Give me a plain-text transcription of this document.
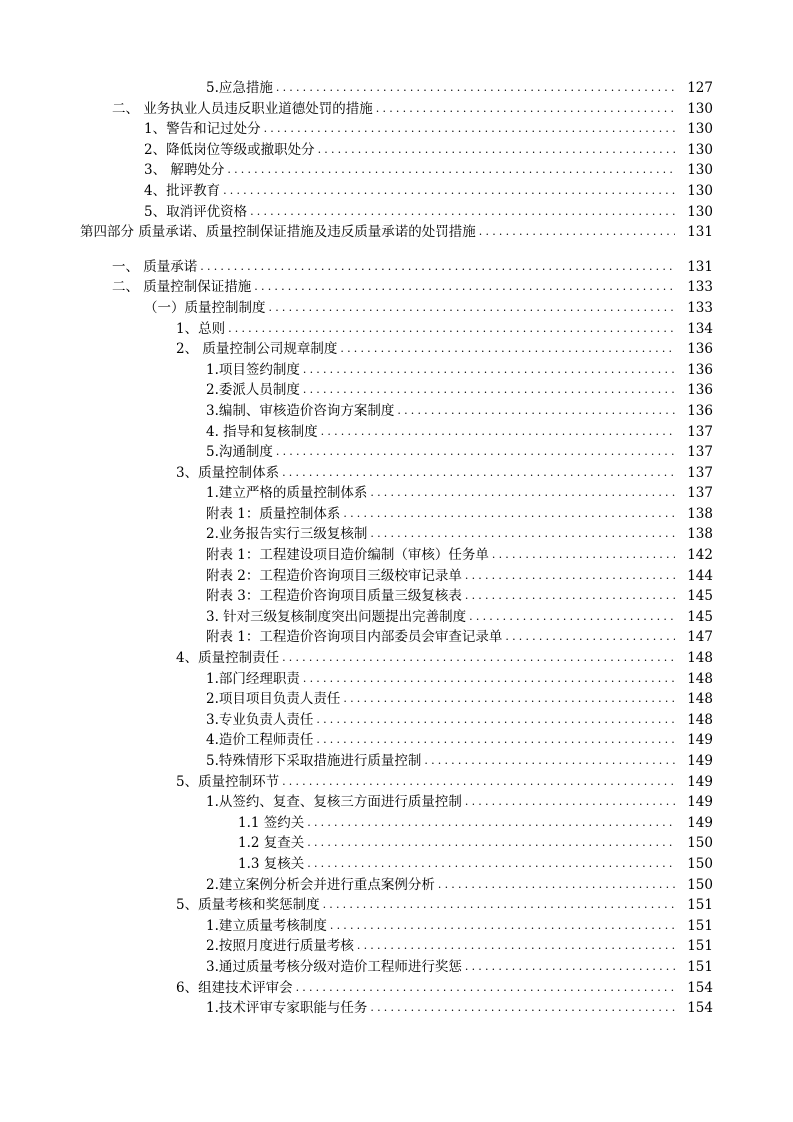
5.应急措施 .....	127
二、 业务执业人员违反职业道德处罚的措施 .....	130
1、警告和记过处分 .....	130
2、降低岗位等级或撤职处分 .....	130
3、 解聘处分 .....	130
4、批评教育 .....	130
5、取消评优资格 .....	130
第四部分 质量承诺、质量控制保证措施及违反质量承诺的处罚措施 .....	131
一、 质量承诺 .....	131
二、 质量控制保证措施 .....	133
（一）质量控制制度 .....	133
1、总则 .....	134
2、 质量控制公司规章制度 .....	136
1.项目签约制度 .....	136
2.委派人员制度 .....	136
3.编制、审核造价咨询方案制度 .....	136
4. 指导和复核制度 .....	137
5.沟通制度 .....	137
3、质量控制体系 .....	137
1.建立严格的质量控制体系 .....	137
附表 1：质量控制体系 .....	138
2.业务报告实行三级复核制 .....	138
附表 1：工程建设项目造价编制（审核）任务单 .....	142
附表 2：工程造价咨询项目三级校审记录单 .....	144
附表 3：工程造价咨询项目质量三级复核表 .....	145
3. 针对三级复核制度突出问题提出完善制度 .....	145
附表 1：工程造价咨询项目内部委员会审查记录单 .....	147
4、质量控制责任 .....	148
1.部门经理职责 .....	148
2.项目项目负责人责任 .....	148
3.专业负责人责任 .....	148
4.造价工程师责任 .....	149
5.特殊情形下采取措施进行质量控制 .....	149
5、质量控制环节 .....	149
1.从签约、复查、复核三方面进行质量控制 .....	149
1.1 签约关 .....	149
1.2 复查关 .....	150
1.3 复核关 .....	150
2.建立案例分析会并进行重点案例分析 .....	150
5、质量考核和奖惩制度 .....	151
1.建立质量考核制度 .....	151
2.按照月度进行质量考核 .....	151
3.通过质量考核分级对造价工程师进行奖惩 .....	151
6、组建技术评审会 .....	154
1.技术评审专家职能与任务 .....	154
